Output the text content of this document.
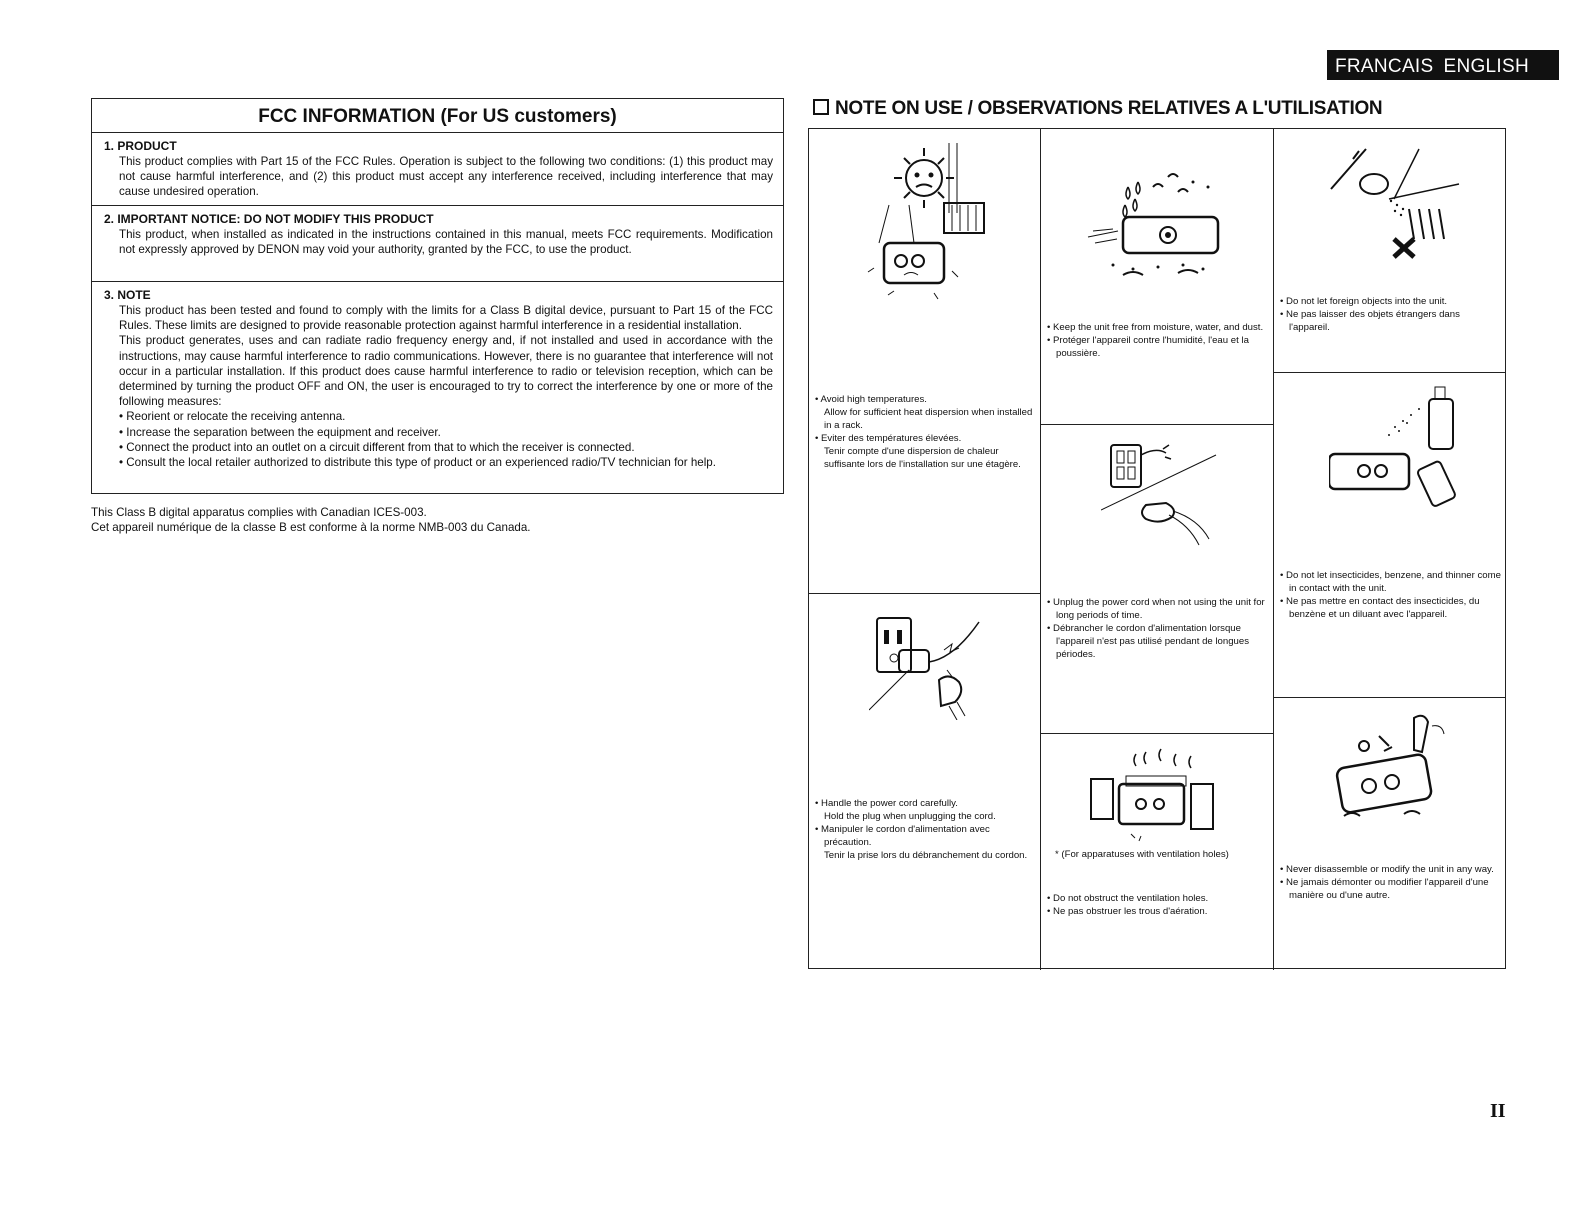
FRANCAIS ENGLISH
FCC INFORMATION (For US customers)
1. PRODUCT

This product complies with Part 15 of the FCC Rules. Operation is subject to the following two conditions: (1) this product may not cause harmful interference, and (2) this product must accept any interference received, including interference that may cause undesired operation.

2. IMPORTANT NOTICE: DO NOT MODIFY THIS PRODUCT

This product, when installed as indicated in the instructions contained in this manual, meets FCC requirements. Modification not expressly approved by DENON may void your authority, granted by the FCC, to use the product.

3. NOTE

This product has been tested and found to comply with the limits for a Class B digital device, pursuant to Part 15 of the FCC Rules. These limits are designed to provide reasonable protection against harmful interference in a residential installation.

This product generates, uses and can radiate radio frequency energy and, if not installed and used in accordance with the instructions, may cause harmful interference to radio communications. However, there is no guarantee that interference will not occur in a particular installation. If this product does cause harmful interference to radio or television reception, which can be determined by turning the product OFF and ON, the user is encouraged to try to correct the interference by one or more of the following measures:

• Reorient or relocate the receiving antenna.
• Increase the separation between the equipment and receiver.
• Connect the product into an outlet on a circuit different from that to which the receiver is connected.
• Consult the local retailer authorized to distribute this type of product or an experienced radio/TV technician for help.
This Class B digital apparatus complies with Canadian ICES-003.
Cet appareil numérique de la classe B est conforme à la norme NMB-003 du Canada.
NOTE ON USE / OBSERVATIONS RELATIVES A L'UTILISATION
• Avoid high temperatures.
Allow for sufficient heat dispersion when installed in a rack.
• Eviter des températures élevées.
Tenir compte d'une dispersion de chaleur suffisante lors de l'installation sur une étagère.
• Handle the power cord carefully.
Hold the plug when unplugging the cord.
• Manipuler le cordon d'alimentation avec précaution.
Tenir la prise lors du débranchement du cordon.
• Keep the unit free from moisture, water, and dust.
• Protéger l'appareil contre l'humidité, l'eau et la poussière.
• Unplug the power cord when not using the unit for long periods of time.
• Débrancher le cordon d'alimentation lorsque l'appareil n'est pas utilisé pendant de longues périodes.
* (For apparatuses with ventilation holes)
• Do not obstruct the ventilation holes.
• Ne pas obstruer les trous d'aération.
• Do not let foreign objects into the unit.
• Ne pas laisser des objets étrangers dans l'appareil.
• Do not let insecticides, benzene, and thinner come in contact with the unit.
• Ne pas mettre en contact des insecticides, du benzène et un diluant avec l'appareil.
• Never disassemble or modify the unit in any way.
• Ne jamais démonter ou modifier l'appareil d'une manière ou d'une autre.
II
